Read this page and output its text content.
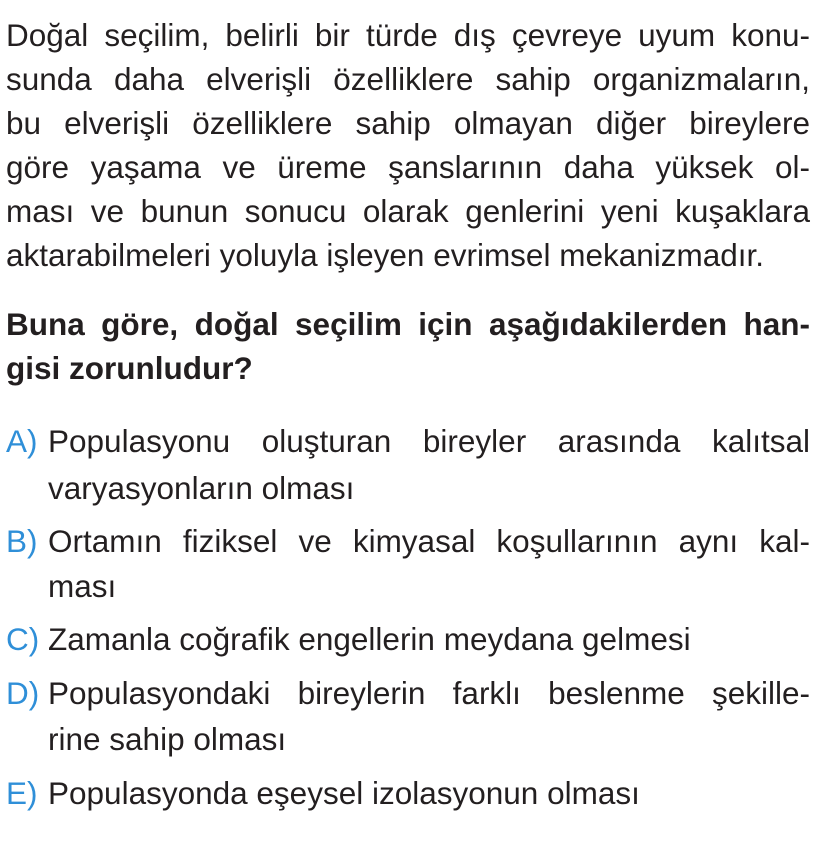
Doğal seçilim, belirli bir türde dış çevreye uyum konu-
sunda daha elverişli özelliklere sahip organizmaların,
bu elverişli özelliklere sahip olmayan diğer bireylere
göre yaşama ve üreme şanslarının daha yüksek ol-
ması ve bunun sonucu olarak genlerini yeni kuşaklara
aktarabilmeleri yoluyla işleyen evrimsel mekanizmadır.
Buna göre, doğal seçilim için aşağıdakilerden han-
gisi zorunludur?
A) Populasyonu oluşturan bireyler arasında kalıtsal
varyasyonların olması
B) Ortamın fiziksel ve kimyasal koşullarının aynı kal-
ması
C) Zamanla coğrafik engellerin meydana gelmesi
D) Populasyondaki bireylerin farklı beslenme şekille-
rine sahip olması
E) Populasyonda eşeysel izolasyonun olması
